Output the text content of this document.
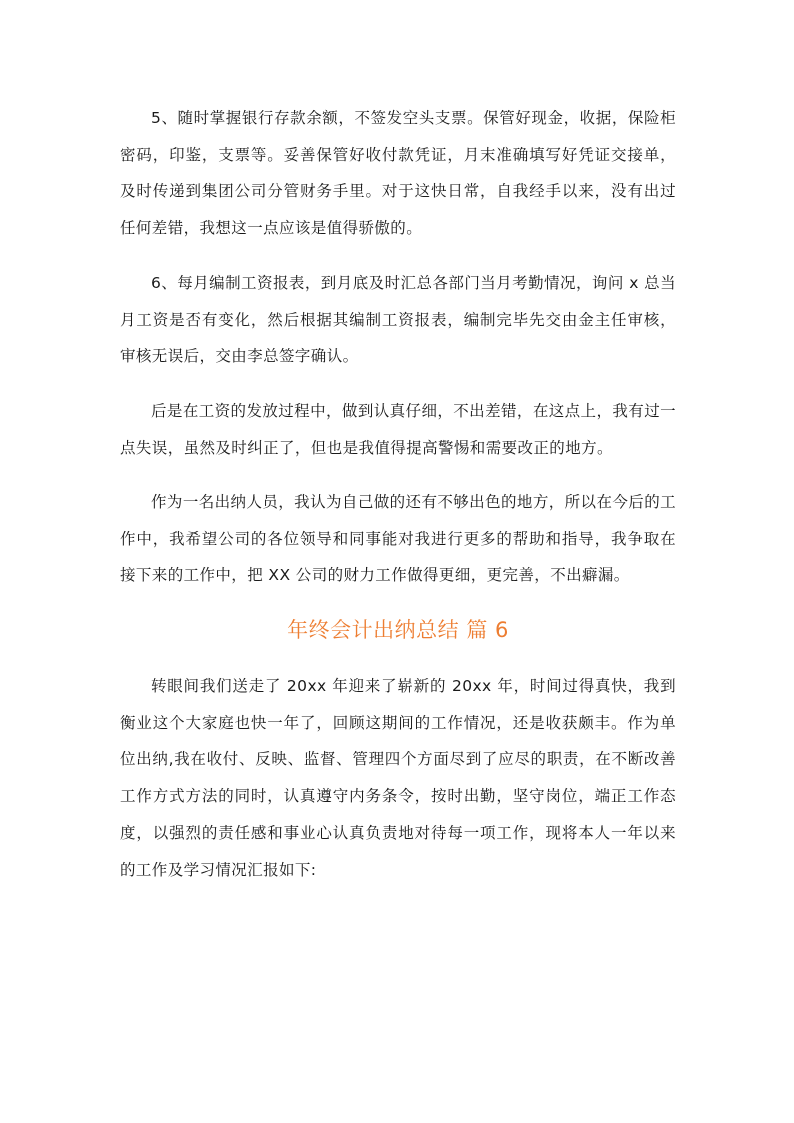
5、随时掌握银行存款余额，不签发空头支票。保管好现金，收据，保险柜密码，印鉴，支票等。妥善保管好收付款凭证，月末准确填写好凭证交接单，及时传递到集团公司分管财务手里。对于这快日常，自我经手以来，没有出过任何差错，我想这一点应该是值得骄傲的。

6、每月编制工资报表，到月底及时汇总各部门当月考勤情况，询问 x 总当月工资是否有变化，然后根据其编制工资报表，编制完毕先交由金主任审核，审核无误后，交由李总签字确认。

后是在工资的发放过程中，做到认真仔细，不出差错，在这点上，我有过一点失误，虽然及时纠正了，但也是我值得提高警惕和需要改正的地方。

作为一名出纳人员，我认为自己做的还有不够出色的地方，所以在今后的工作中，我希望公司的各位领导和同事能对我进行更多的帮助和指导，我争取在接下来的工作中，把 XX 公司的财力工作做得更细，更完善，不出癖漏。

年终会计出纳总结 篇 6

转眼间我们送走了 20xx 年迎来了崭新的 20xx 年，时间过得真快，我到衡业这个大家庭也快一年了，回顾这期间的工作情况，还是收获颇丰。作为单位出纳,我在收付、反映、监督、管理四个方面尽到了应尽的职责，在不断改善工作方式方法的同时，认真遵守内务条令，按时出勤，坚守岗位，端正工作态度，以强烈的责任感和事业心认真负责地对待每一项工作，现将本人一年以来的工作及学习情况汇报如下:
